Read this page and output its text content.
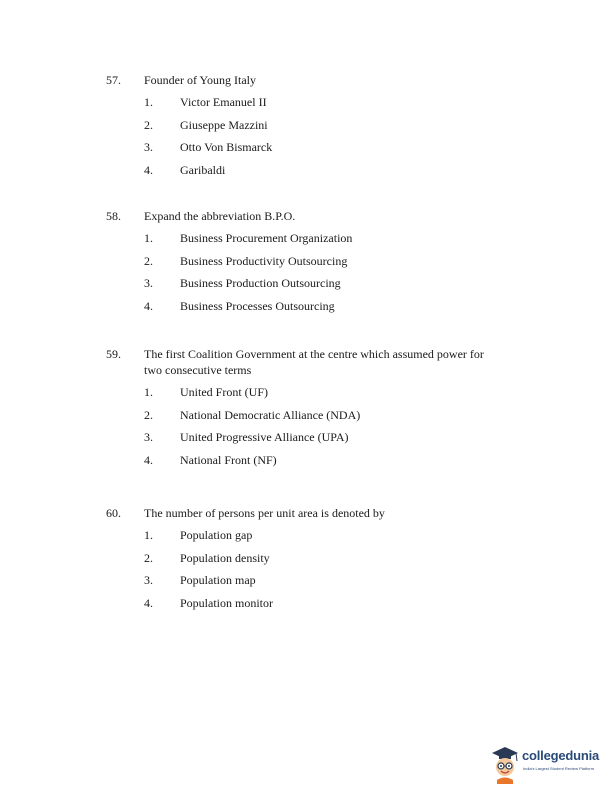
57. Founder of Young Italy
1. Victor Emanuel II
2. Giuseppe Mazzini
3. Otto Von Bismarck
4. Garibaldi
58. Expand the abbreviation B.P.O.
1. Business Procurement Organization
2. Business Productivity Outsourcing
3. Business Production Outsourcing
4. Business Processes Outsourcing
59. The first Coalition Government at the centre which assumed power for two consecutive terms
1. United Front (UF)
2. National Democratic Alliance (NDA)
3. United Progressive Alliance (UPA)
4. National Front (NF)
60. The number of persons per unit area is denoted by
1. Population gap
2. Population density
3. Population map
4. Population monitor
collegedunia
India's Largest Student Review Platform
